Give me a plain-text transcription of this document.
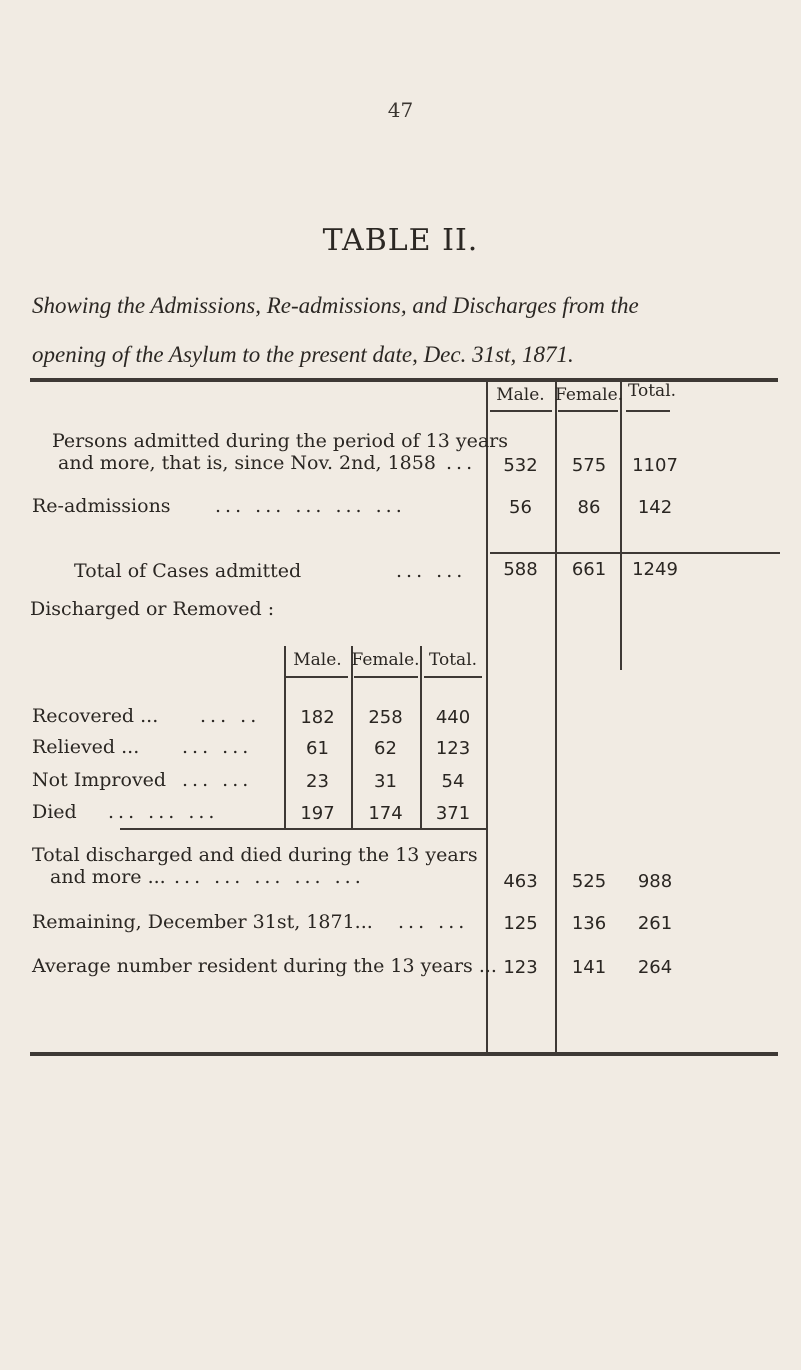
47
TABLE II.
Showing the Admissions, Re-admissions, and Discharges from the
opening of the Asylum to the present date, Dec. 31st, 1871.
Male. Female. Total.
Persons admitted during the period of 13 years
and more, that is, since Nov. 2nd, 1858 ...	532	575	1107
Re-admissions ... ... ... ... ...	56	86	142
Total of Cases admitted	... ...	588	661	1249
Discharged or Removed :
Male. Female. Total.
Recovered ... ... ..	182	258	440
Relieved ... ... ...	61	62	123
Not Improved ... ...	23	31	54
Died ... ... ...	197	174	371
Total discharged and died during the 13 years
and more ... ... ... ... ... ...	463	525	988
Remaining, December 31st, 1871... ... ...	125	136	261
Average number resident during the 13 years ... 123	141	264
